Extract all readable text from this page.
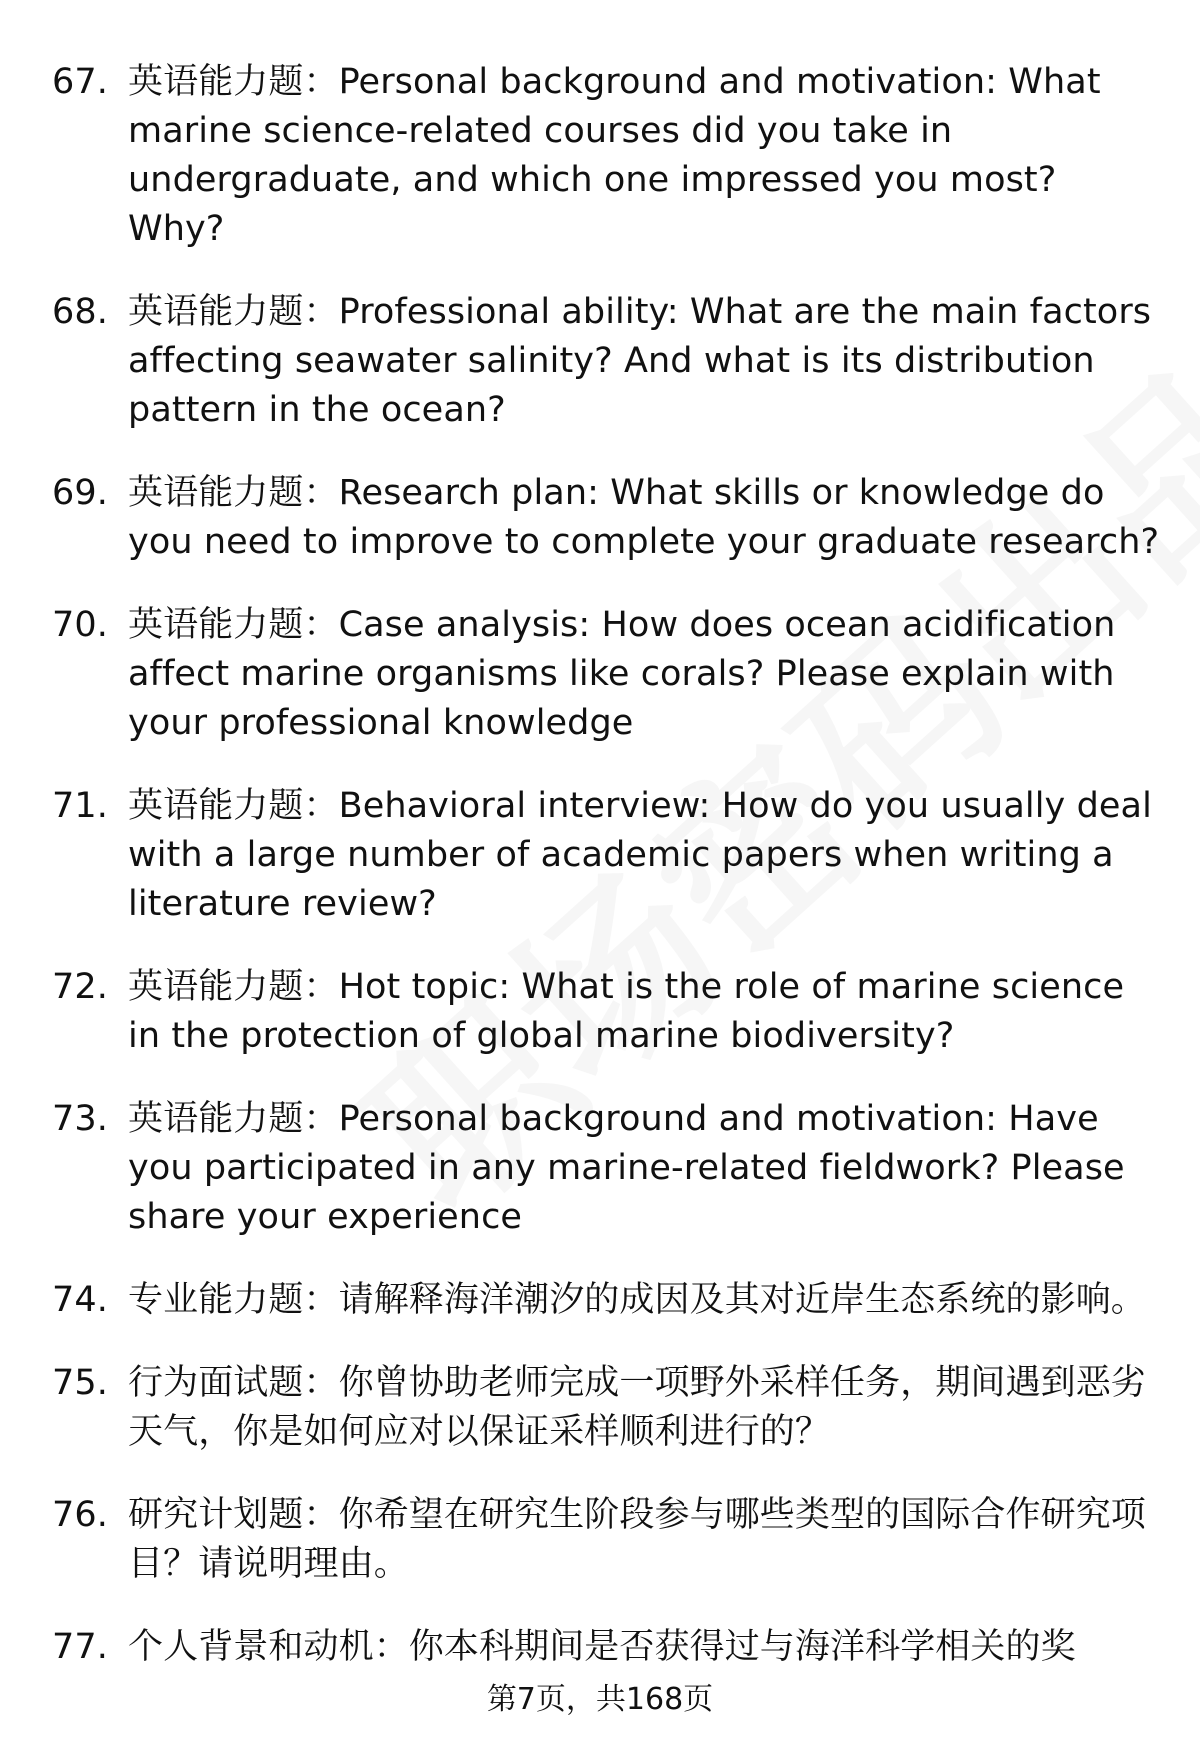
67. 英语能力题：Personal background and motivation: What marine science-related courses did you take in undergraduate, and which one impressed you most? Why?
68. 英语能力题：Professional ability: What are the main factors affecting seawater salinity? And what is its distribution pattern in the ocean?
69. 英语能力题：Research plan: What skills or knowledge do you need to improve to complete your graduate research?
70. 英语能力题：Case analysis: How does ocean acidification affect marine organisms like corals? Please explain with your professional knowledge
71. 英语能力题：Behavioral interview: How do you usually deal with a large number of academic papers when writing a literature review?
72. 英语能力题：Hot topic: What is the role of marine science in the protection of global marine biodiversity?
73. 英语能力题：Personal background and motivation: Have you participated in any marine-related fieldwork? Please share your experience
74. 专业能力题：请解释海洋潮汐的成因及其对近岸生态系统的影响。
75. 行为面试题：你曾协助老师完成一项野外采样任务，期间遇到恶劣天气，你是如何应对以保证采样顺利进行的？
76. 研究计划题：你希望在研究生阶段参与哪些类型的国际合作研究项目？请说明理由。
77. 个人背景和动机：你本科期间是否获得过与海洋科学相关的奖
第7页，共168页
